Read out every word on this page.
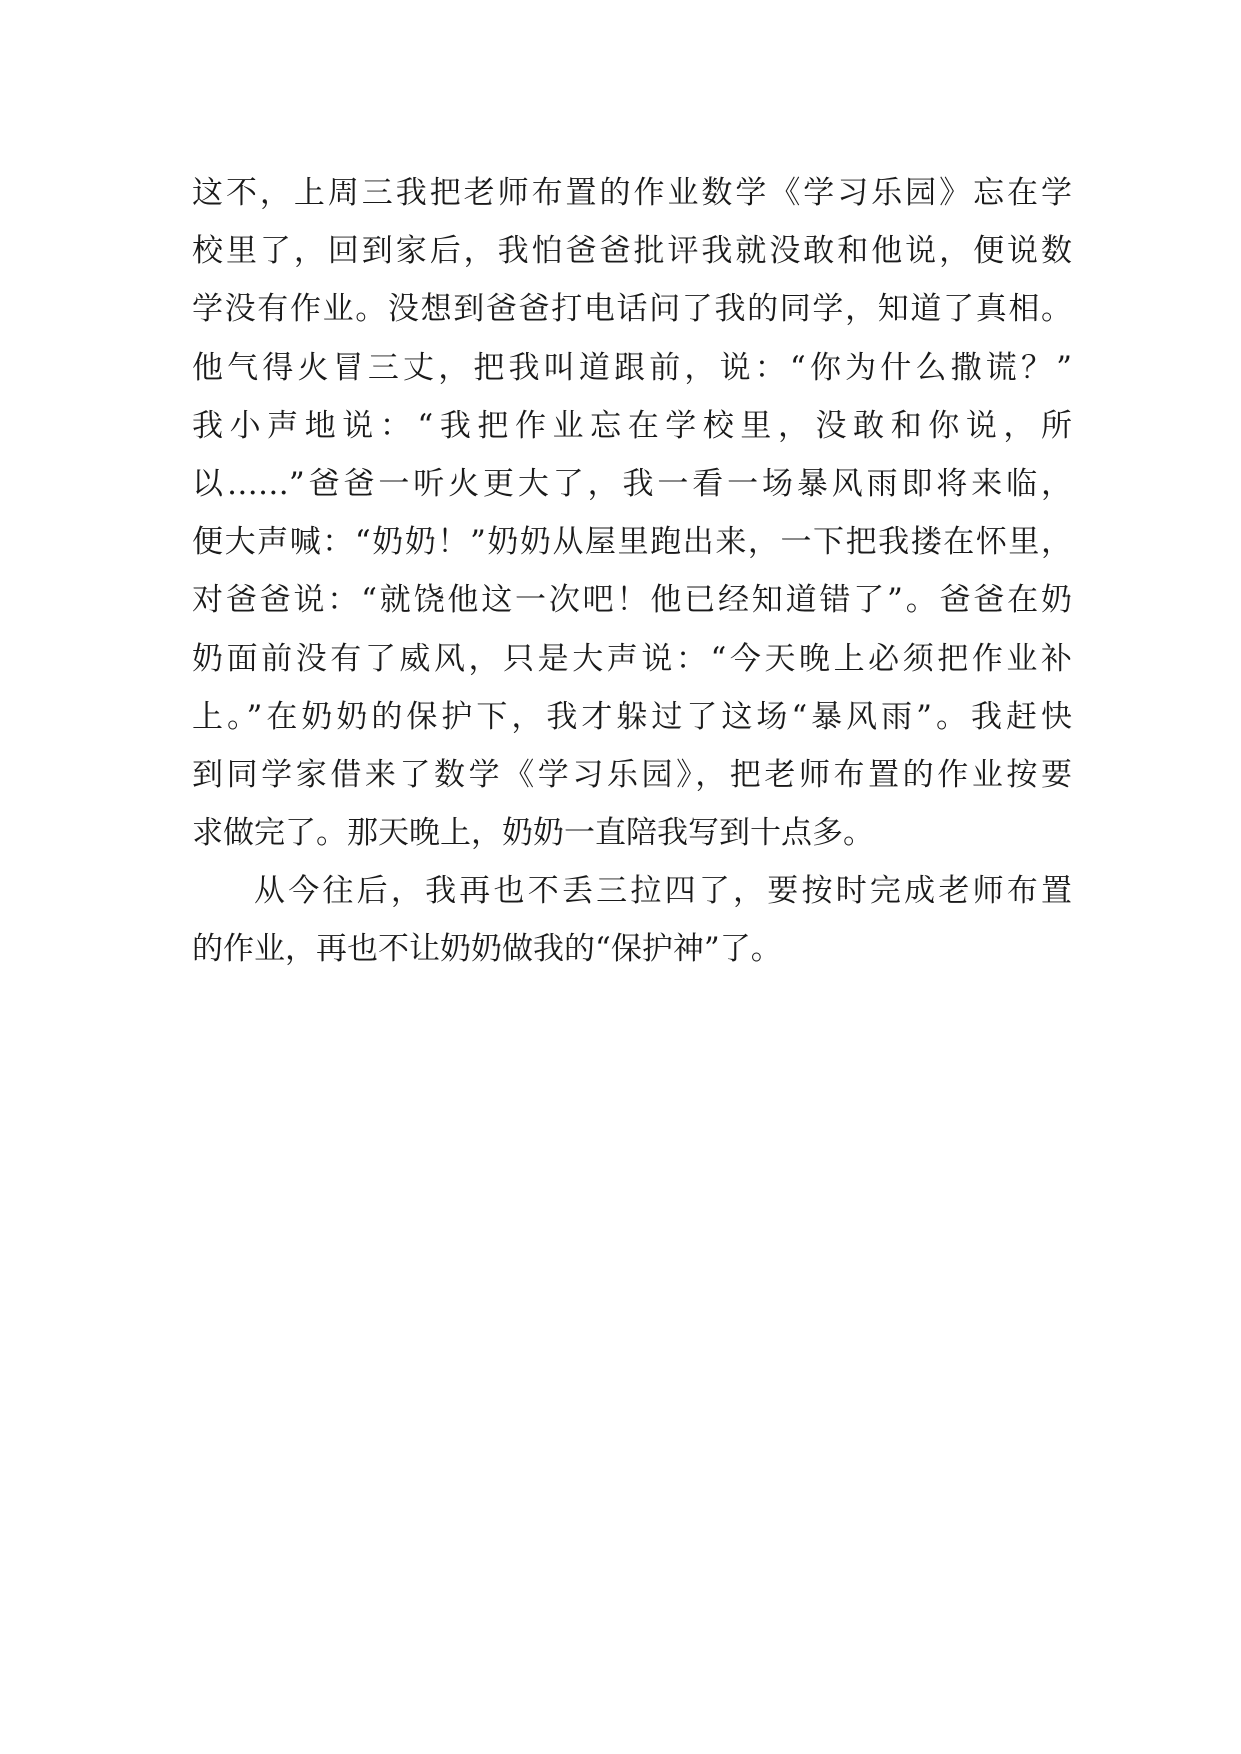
这不，上周三我把老师布置的作业数学《学习乐园》忘在学
校里了，回到家后，我怕爸爸批评我就没敢和他说，便说数
学没有作业。没想到爸爸打电话问了我的同学，知道了真相。
他气得火冒三丈，把我叫道跟前，说：“你为什么撒谎？”
我小声地说：“我把作业忘在学校里，没敢和你说，所
以……”爸爸一听火更大了，我一看一场暴风雨即将来临，
便大声喊：“奶奶！”奶奶从屋里跑出来，一下把我搂在怀里，
对爸爸说：“就饶他这一次吧！他已经知道错了”。爸爸在奶
奶面前没有了威风，只是大声说：“今天晚上必须把作业补
上。”在奶奶的保护下，我才躲过了这场“暴风雨”。我赶快
到同学家借来了数学《学习乐园》，把老师布置的作业按要
求做完了。那天晚上，奶奶一直陪我写到十点多。
从今往后，我再也不丢三拉四了，要按时完成老师布置
的作业，再也不让奶奶做我的“保护神”了。
